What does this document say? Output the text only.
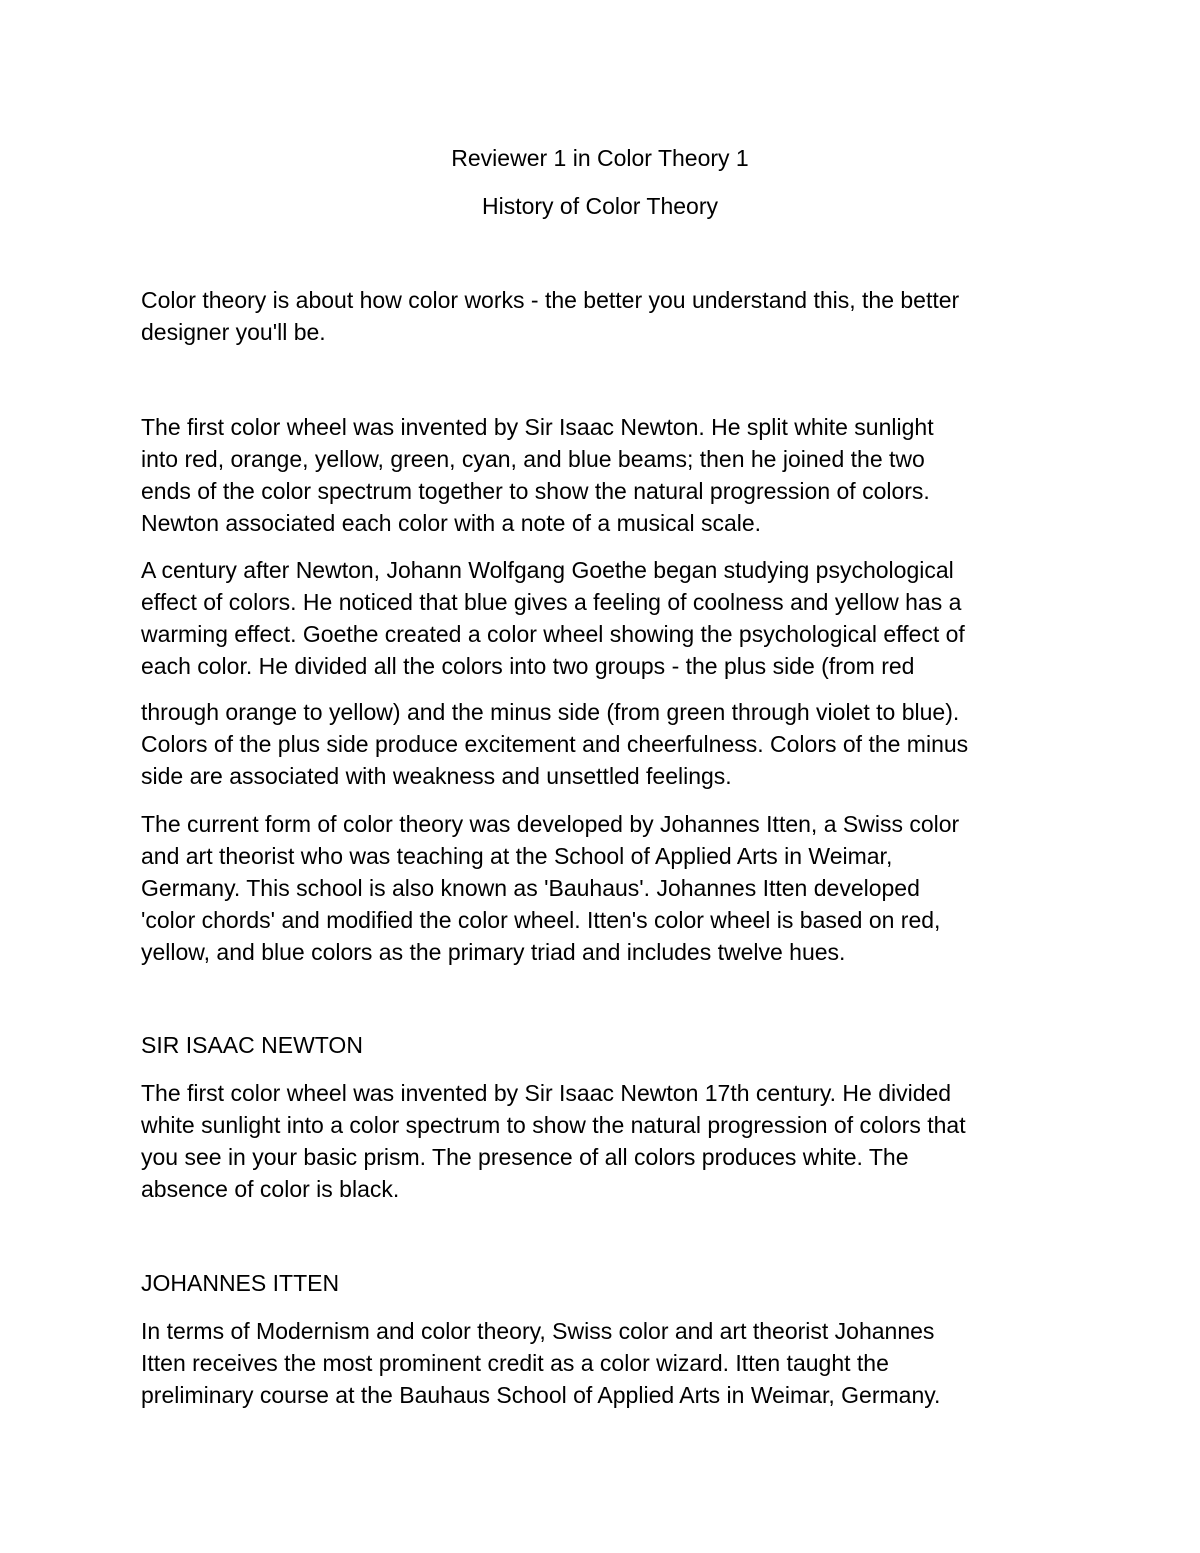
Reviewer 1 in Color Theory 1
History of Color Theory

Color theory is about how color works - the better you understand this, the better
designer you'll be.

The first color wheel was invented by Sir Isaac Newton. He split white sunlight
into red, orange, yellow, green, cyan, and blue beams; then he joined the two
ends of the color spectrum together to show the natural progression of colors.
Newton associated each color with a note of a musical scale.

A century after Newton, Johann Wolfgang Goethe began studying psychological
effect of colors. He noticed that blue gives a feeling of coolness and yellow has a
warming effect. Goethe created a color wheel showing the psychological effect of
each color. He divided all the colors into two groups - the plus side (from red

through orange to yellow) and the minus side (from green through violet to blue).
Colors of the plus side produce excitement and cheerfulness. Colors of the minus
side are associated with weakness and unsettled feelings.

The current form of color theory was developed by Johannes Itten, a Swiss color
and art theorist who was teaching at the School of Applied Arts in Weimar,
Germany. This school is also known as 'Bauhaus'. Johannes Itten developed
'color chords' and modified the color wheel. Itten's color wheel is based on red,
yellow, and blue colors as the primary triad and includes twelve hues.

SIR ISAAC NEWTON

The first color wheel was invented by Sir Isaac Newton 17th century. He divided
white sunlight into a color spectrum to show the natural progression of colors that
you see in your basic prism. The presence of all colors produces white. The
absence of color is black.

JOHANNES ITTEN

In terms of Modernism and color theory, Swiss color and art theorist Johannes
Itten receives the most prominent credit as a color wizard. Itten taught the
preliminary course at the Bauhaus School of Applied Arts in Weimar, Germany.
